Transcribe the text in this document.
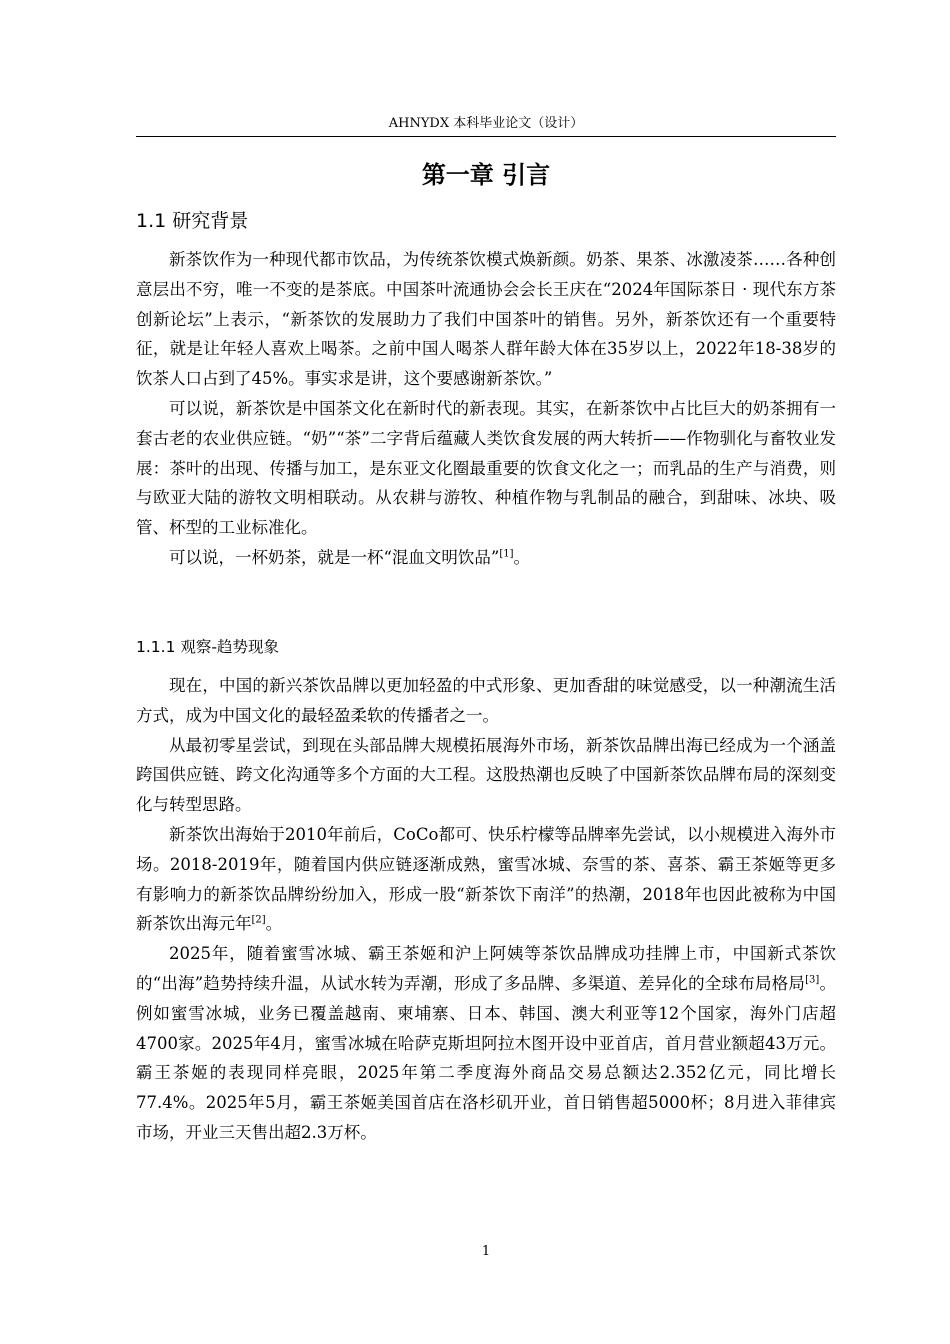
AHNYDX 本科毕业论文（设计）
第一章 引言
1.1 研究背景

新茶饮作为一种现代都市饮品，为传统茶饮模式焕新颜。奶茶、果茶、冰激凌茶……各种创意层出不穷，唯一不变的是茶底。中国茶叶流通协会会长王庆在“2024年国际茶日 · 现代东方茶创新论坛”上表示，“新茶饮的发展助力了我们中国茶叶的销售。另外，新茶饮还有一个重要特征，就是让年轻人喜欢上喝茶。之前中国人喝茶人群年龄大体在35岁以上，2022年18-38岁的饮茶人口占到了45%。事实求是讲，这个要感谢新茶饮。”

可以说，新茶饮是中国茶文化在新时代的新表现。其实，在新茶饮中占比巨大的奶茶拥有一套古老的农业供应链。“奶”“茶”二字背后蕴藏人类饮食发展的两大转折——作物驯化与畜牧业发展：茶叶的出现、传播与加工，是东亚文化圈最重要的饮食文化之一；而乳品的生产与消费，则与欧亚大陆的游牧文明相联动。从农耕与游牧、种植作物与乳制品的融合，到甜味、冰块、吸管、杯型的工业标准化。

可以说，一杯奶茶，就是一杯“混血文明饮品”[1]。

1.1.1 观察-趋势现象

现在，中国的新兴茶饮品牌以更加轻盈的中式形象、更加香甜的味觉感受，以一种潮流生活方式，成为中国文化的最轻盈柔软的传播者之一。

从最初零星尝试，到现在头部品牌大规模拓展海外市场，新茶饮品牌出海已经成为一个涵盖跨国供应链、跨文化沟通等多个方面的大工程。这股热潮也反映了中国新茶饮品牌布局的深刻变化与转型思路。

新茶饮出海始于2010年前后，CoCo都可、快乐柠檬等品牌率先尝试，以小规模进入海外市场。2018-2019年，随着国内供应链逐渐成熟，蜜雪冰城、奈雪的茶、喜茶、霸王茶姬等更多有影响力的新茶饮品牌纷纷加入，形成一股“新茶饮下南洋”的热潮，2018年也因此被称为中国新茶饮出海元年[2]。

2025年，随着蜜雪冰城、霸王茶姬和沪上阿姨等茶饮品牌成功挂牌上市，中国新式茶饮的“出海”趋势持续升温，从试水转为弄潮，形成了多品牌、多渠道、差异化的全球布局格局[3]。例如蜜雪冰城，业务已覆盖越南、柬埔寨、日本、韩国、澳大利亚等12个国家，海外门店超4700家。2025年4月，蜜雪冰城在哈萨克斯坦阿拉木图开设中亚首店，首月营业额超43万元。霸王茶姬的表现同样亮眼，2025年第二季度海外商品交易总额达2.352亿元，同比增长77.4%。2025年5月，霸王茶姬美国首店在洛杉矶开业，首日销售超5000杯；8月进入菲律宾市场，开业三天售出超2.3万杯。

1
